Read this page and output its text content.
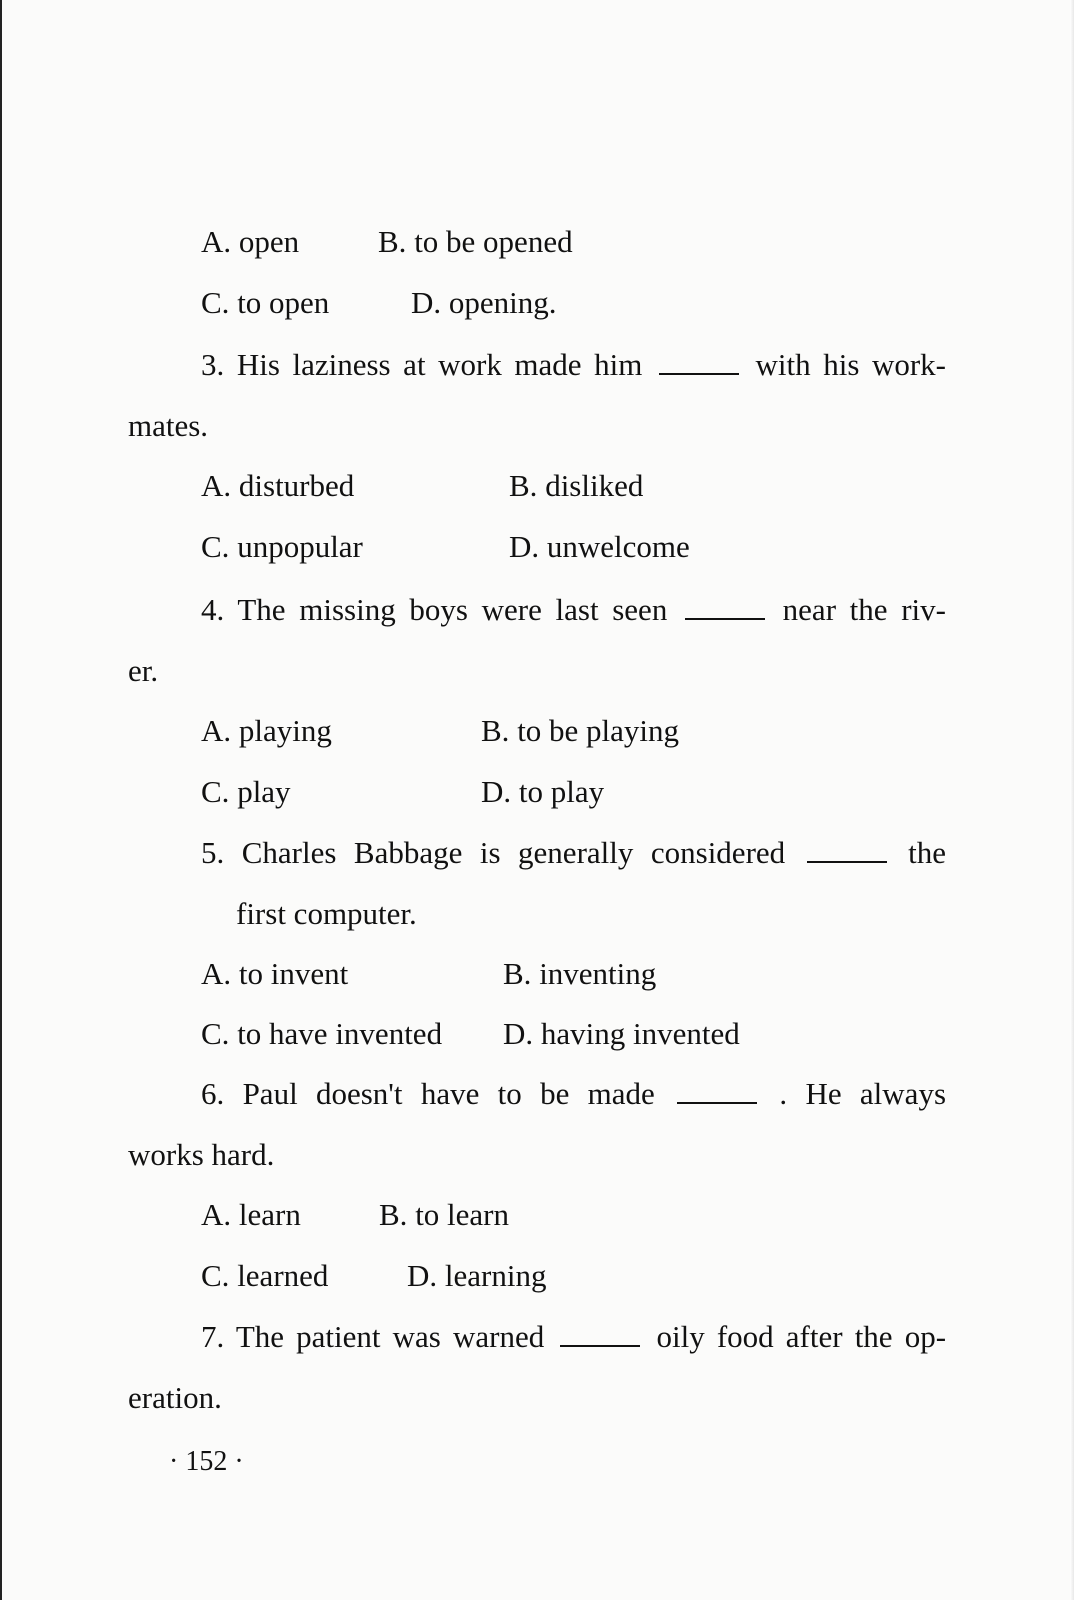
A. open	B. to be opened
C. to open	D. opening.
3. His laziness at work made him	with his work-
mates.
A. disturbed	B. disliked
C. unpopular	D. unwelcome
4. The missing boys were last seen	near the riv-
er.
A. playing	B. to be playing
C. play	D. to play
5. Charles Babbage is generally considered	the
first computer.
A. to invent	B. inventing
C. to have invented D. having invented
6. Paul doesn't have to be made	. He always
works hard.
A. learn	B. to learn
C. learned	D. learning
7. The patient was warned	oily food after the op-
eration.
· 152 ·
